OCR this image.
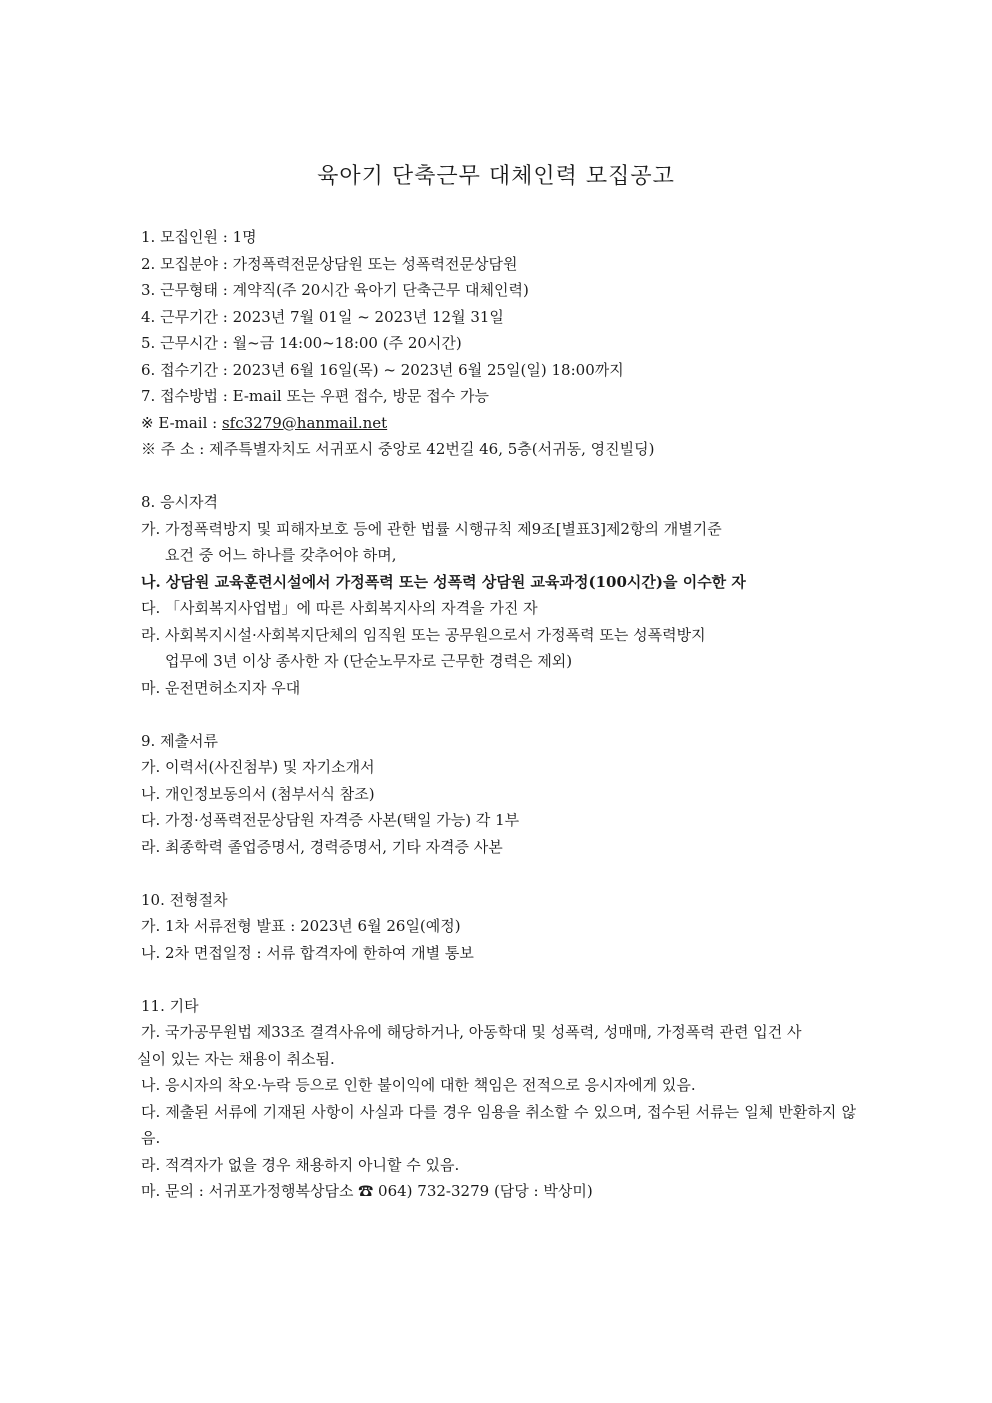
육아기 단축근무 대체인력 모집공고
1. 모집인원 : 1명
2. 모집분야 : 가정폭력전문상담원 또는 성폭력전문상담원
3. 근무형태 : 계약직(주 20시간 육아기 단축근무 대체인력)
4. 근무기간 : 2023년 7월 01일 ~ 2023년 12월 31일
5. 근무시간 : 월~금 14:00~18:00 (주 20시간)
6. 접수기간 : 2023년 6월 16일(목) ~ 2023년 6월 25일(일) 18:00까지
7. 접수방법 : E-mail 또는 우편 접수, 방문 접수 가능
※ E-mail : sfc3279@hanmail.net
※ 주 소 : 제주특별자치도 서귀포시 중앙로 42번길 46, 5층(서귀동, 영진빌딩)
8. 응시자격
가. 가정폭력방지 및 피해자보호 등에 관한 법률 시행규칙 제9조[별표3]제2항의 개별기준
요건 중 어느 하나를 갖추어야 하며,
나. 상담원 교육훈련시설에서 가정폭력 또는 성폭력 상담원 교육과정(100시간)을 이수한 자
다. 「사회복지사업법」에 따른 사회복지사의 자격을 가진 자
라. 사회복지시설·사회복지단체의 임직원 또는 공무원으로서 가정폭력 또는 성폭력방지
업무에 3년 이상 종사한 자 (단순노무자로 근무한 경력은 제외)
마. 운전면허소지자 우대
9. 제출서류
가. 이력서(사진첨부) 및 자기소개서
나. 개인정보동의서 (첨부서식 참조)
다. 가정·성폭력전문상담원 자격증 사본(택일 가능) 각 1부
라. 최종학력 졸업증명서, 경력증명서, 기타 자격증 사본
10. 전형절차
가. 1차 서류전형 발표 : 2023년 6월 26일(예정)
나. 2차 면접일정 : 서류 합격자에 한하여 개별 통보
11. 기타
가. 국가공무원법 제33조 결격사유에 해당하거나, 아동학대 및 성폭력, 성매매, 가정폭력 관련 입건 사
실이 있는 자는 채용이 취소됨.
나. 응시자의 착오·누락 등으로 인한 불이익에 대한 책임은 전적으로 응시자에게 있음.
다. 제출된 서류에 기재된 사항이 사실과 다를 경우 임용을 취소할 수 있으며, 접수된 서류는 일체 반환하지 않음.
라. 적격자가 없을 경우 채용하지 아니할 수 있음.
마. 문의 : 서귀포가정행복상담소 ☎ 064) 732-3279 (담당 : 박상미)
